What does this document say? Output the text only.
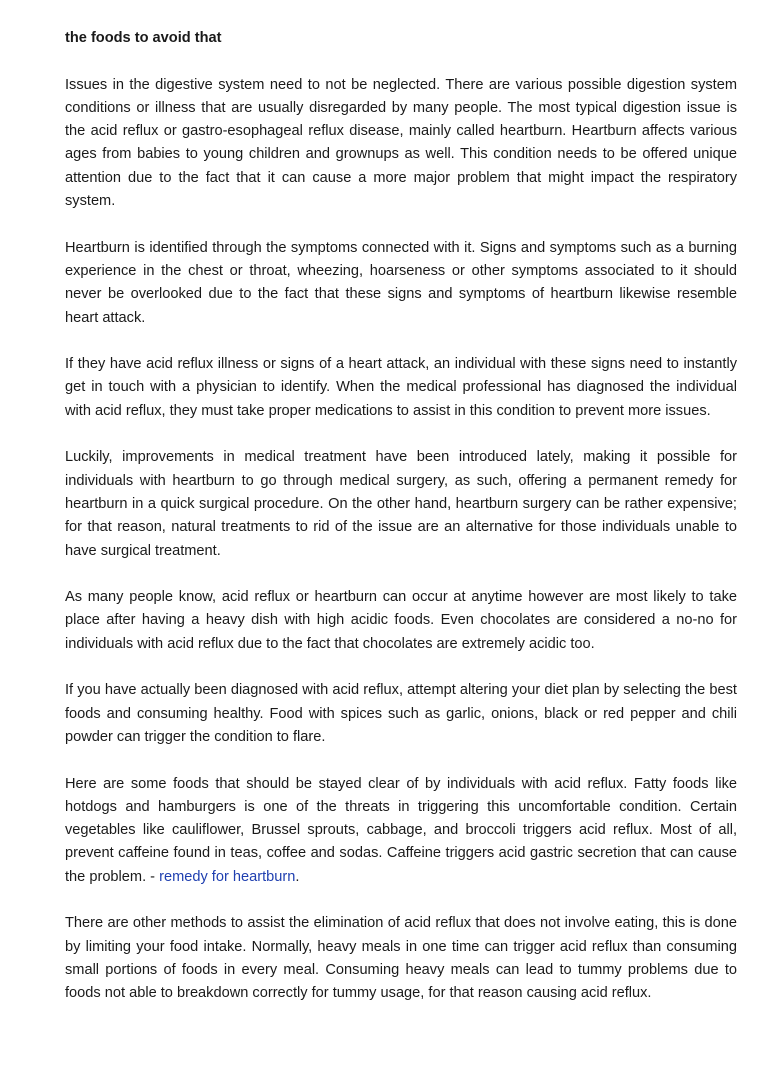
the foods to avoid that

Issues in the digestive system need to not be neglected. There are various possible digestion system conditions or illness that are usually disregarded by many people. The most typical digestion issue is the acid reflux or gastro-esophageal reflux disease, mainly called heartburn. Heartburn affects various ages from babies to young children and grownups as well. This condition needs to be offered unique attention due to the fact that it can cause a more major problem that might impact the respiratory system.

Heartburn is identified through the symptoms connected with it. Signs and symptoms such as a burning experience in the chest or throat, wheezing, hoarseness or other symptoms associated to it should never be overlooked due to the fact that these signs and symptoms of heartburn likewise resemble heart attack.

If they have acid reflux illness or signs of a heart attack, an individual with these signs need to instantly get in touch with a physician to identify. When the medical professional has diagnosed the individual with acid reflux, they must take proper medications to assist in this condition to prevent more issues.

Luckily, improvements in medical treatment have been introduced lately, making it possible for individuals with heartburn to go through medical surgery, as such, offering a permanent remedy for heartburn in a quick surgical procedure. On the other hand, heartburn surgery can be rather expensive; for that reason, natural treatments to rid of the issue are an alternative for those individuals unable to have surgical treatment.

As many people know, acid reflux or heartburn can occur at anytime however are most likely to take place after having a heavy dish with high acidic foods. Even chocolates are considered a no-no for individuals with acid reflux due to the fact that chocolates are extremely acidic too.

If you have actually been diagnosed with acid reflux, attempt altering your diet plan by selecting the best foods and consuming healthy. Food with spices such as garlic, onions, black or red pepper and chili powder can trigger the condition to flare.

Here are some foods that should be stayed clear of by individuals with acid reflux. Fatty foods like hotdogs and hamburgers is one of the threats in triggering this uncomfortable condition. Certain vegetables like cauliflower, Brussel sprouts, cabbage, and broccoli triggers acid reflux. Most of all, prevent caffeine found in teas, coffee and sodas. Caffeine triggers acid gastric secretion that can cause the problem. - remedy for heartburn.

There are other methods to assist the elimination of acid reflux that does not involve eating, this is done by limiting your food intake. Normally, heavy meals in one time can trigger acid reflux than consuming small portions of foods in every meal. Consuming heavy meals can lead to tummy problems due to foods not able to breakdown correctly for tummy usage, for that reason causing acid reflux.
